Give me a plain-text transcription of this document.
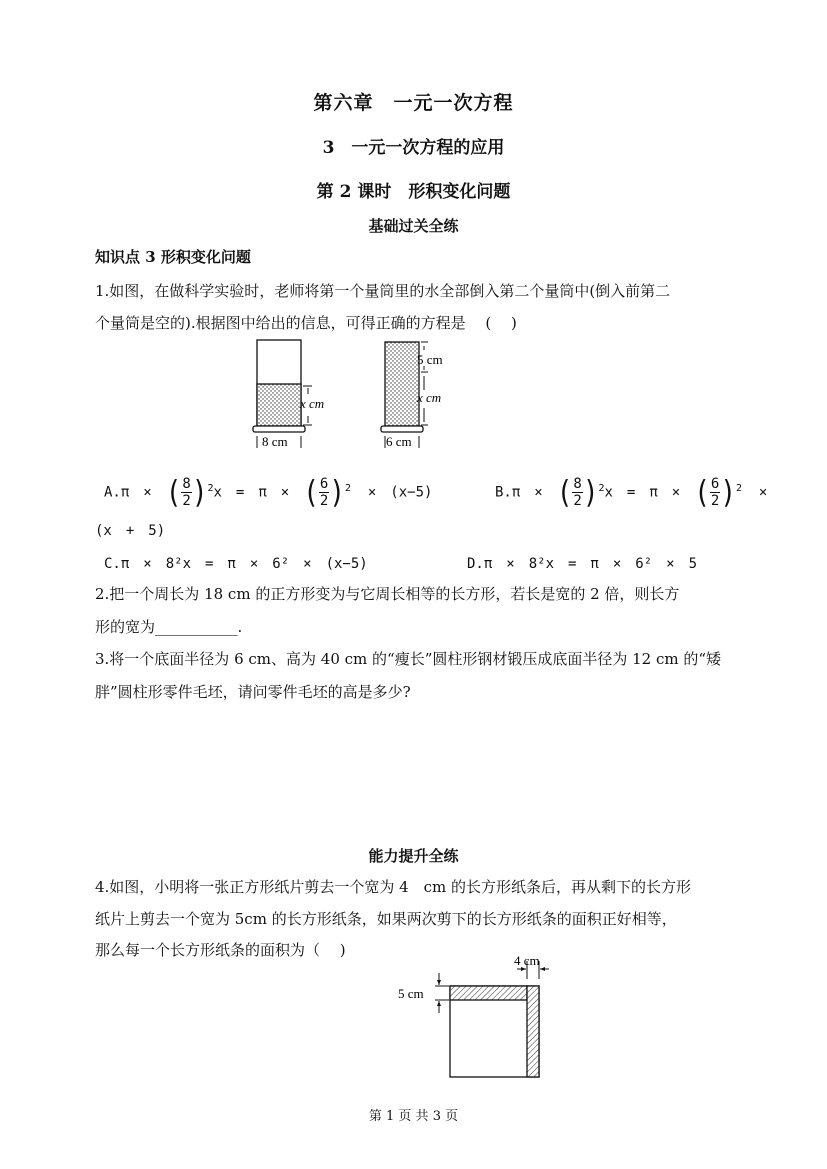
第六章　一元一次方程
3　一元一次方程的应用
第 2 课时　形积变化问题
基础过关全练
知识点 3 形积变化问题
1.如图，在做科学实验时，老师将第一个量筒里的水全部倒入第二个量筒中(倒入前第二
个量筒是空的).根据图中给出的信息，可得正确的方程是　 (　 )
x cm
8 cm
5 cm
x cm
6 cm
A.π　×　( $\frac{8}{2} )^2x$　=　π　×　( $\frac{6}{2} )^2$ ×　(x−5)	B.π　×　( $\frac{8}{2} )^2x$　=　π　×　( $\frac{6}{2} )^2$ ×
(x　+　5)
C.π　×　8²x　=　π　×　6²　×　(x−5)	D.π　×　8²x　=　π　×　6²　×　5
2.把一个周长为 18 cm 的正方形变为与它周长相等的长方形，若长是宽的 2 倍，则长方
形的宽为___________.
3.将一个底面半径为 6 cm、高为 40 cm 的“瘦长”圆柱形钢材锻压成底面半径为 12 cm 的“矮
胖”圆柱形零件毛坯，请问零件毛坯的高是多少?
能力提升全练
4.如图，小明将一张正方形纸片剪去一个宽为 4　cm 的长方形纸条后，再从剩下的长方形
纸片上剪去一个宽为 5cm 的长方形纸条，如果两次剪下的长方形纸条的面积正好相等，
那么每一个长方形纸条的面积为（　 )
4 cm
5 cm
第 1 页 共 3 页
